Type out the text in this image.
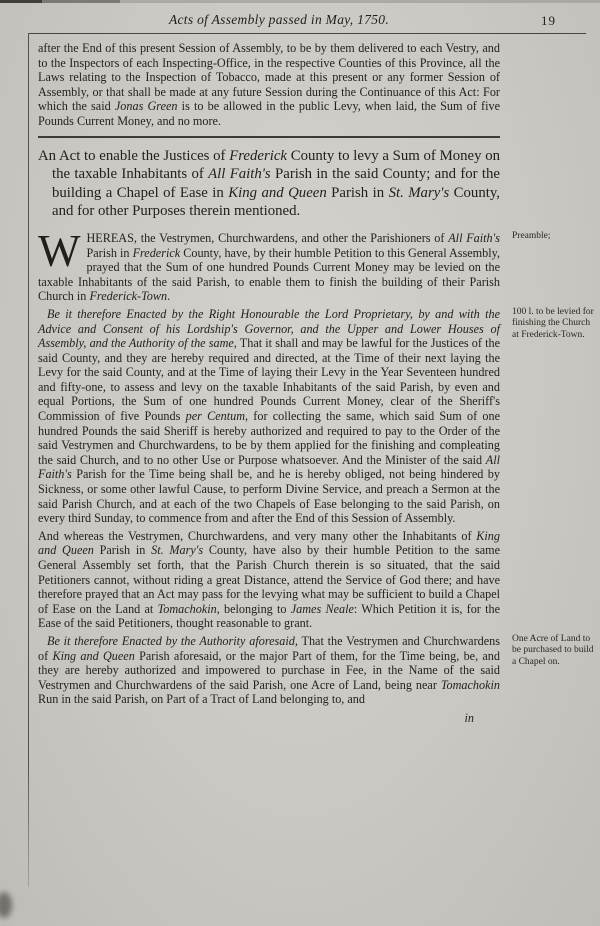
Acts of Assembly passed in May, 1750.	19
after the End of this present Session of Assembly, to be by them delivered to each Vestry, and to the Inspectors of each Inspecting-Office, in the respective Counties of this Province, all the Laws relating to the Inspection of Tobacco, made at this present or any former Session of Assembly, or that shall be made at any future Session during the Continuance of this Act: For which the said Jonas Green is to be allowed in the public Levy, when laid, the Sum of five Pounds Current Money, and no more.
An Act to enable the Justices of Frederick County to levy a Sum of Money on the taxable Inhabitants of All Faith's Parish in the said County; and for the building a Chapel of Ease in King and Queen Parish in St. Mary's County, and for other Purposes therein mentioned.
WHEREAS, the Vestrymen, Churchwardens, and other the Parishioners of All Faith's Parish in Frederick County, have, by their humble Petition to this General Assembly, prayed that the Sum of one hundred Pounds Current Money may be levied on the taxable Inhabitants of the said Parish, to enable them to finish the building of their Parish Church in Frederick-Town.
Preamble;
Be it therefore Enacted by the Right Honourable the Lord Proprietary, by and with the Advice and Consent of his Lordship's Governor, and the Upper and Lower Houses of Assembly, and the Authority of the same, That it shall and may be lawful for the Justices of the said County, and they are hereby required and directed, at the Time of their next laying the Levy for the said County, and at the Time of laying their Levy in the Year Seventeen hundred and fifty-one, to assess and levy on the taxable Inhabitants of the said Parish, by even and equal Portions, the Sum of one hundred Pounds Current Money, clear of the Sheriff's Commission of five Pounds per Centum, for collecting the same, which said Sum of one hundred Pounds the said Sheriff is hereby authorized and required to pay to the Order of the said Vestrymen and Churchwardens, to be by them applied for the finishing and compleating the said Church, and to no other Use or Purpose whatsoever. And the Minister of the said All Faith's Parish for the Time being shall be, and he is hereby obliged, not being hindered by Sickness, or some other lawful Cause, to perform Divine Service, and preach a Sermon at the said Parish Church, and at each of the two Chapels of Ease belonging to the said Parish, on every third Sunday, to commence from and after the End of this Session of Assembly.
100 l. to be levied for finishing the Church at Frederick-Town.
And whereas the Vestrymen, Churchwardens, and very many other the Inhabitants of King and Queen Parish in St. Mary's County, have also by their humble Petition to the same General Assembly set forth, that the Parish Church therein is so situated, that the said Petitioners cannot, without riding a great Distance, attend the Service of God there; and have therefore prayed that an Act may pass for the levying what may be sufficient to build a Chapel of Ease on the Land at Tomachokin, belonging to James Neale: Which Petition it is, for the Ease of the said Petitioners, thought reasonable to grant.
Be it therefore Enacted by the Authority aforesaid, That the Vestrymen and Churchwardens of King and Queen Parish aforesaid, or the major Part of them, for the Time being, be, and they are hereby authorized and impowered to purchase in Fee, in the Name of the said Vestrymen and Churchwardens of the said Parish, one Acre of Land, being near Tomachokin Run in the said Parish, on Part of a Tract of Land belonging to, and
One Acre of Land to be purchased to build a Chapel on.
in
